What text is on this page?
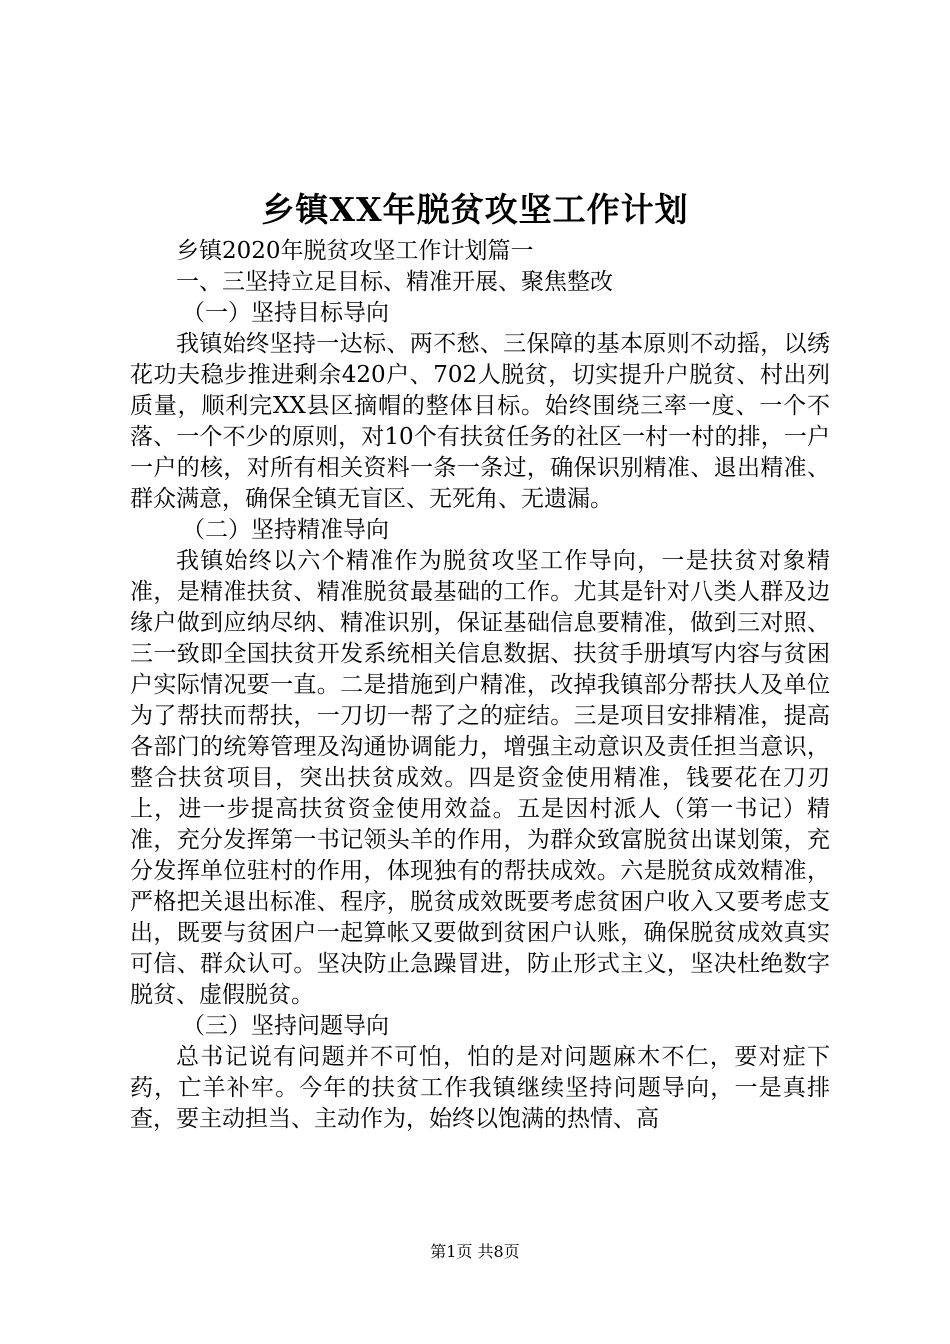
乡镇XX年脱贫攻坚工作计划

乡镇2020年脱贫攻坚工作计划篇一

一、三坚持立足目标、精准开展、聚焦整改

（一）坚持目标导向

我镇始终坚持一达标、两不愁、三保障的基本原则不动摇，以绣花功夫稳步推进剩余420户、702人脱贫，切实提升户脱贫、村出列质量，顺利完XX县区摘帽的整体目标。始终围绕三率一度、一个不落、一个不少的原则，对10个有扶贫任务的社区一村一村的排，一户一户的核，对所有相关资料一条一条过，确保识别精准、退出精准、群众满意，确保全镇无盲区、无死角、无遗漏。

（二）坚持精准导向

我镇始终以六个精准作为脱贫攻坚工作导向，一是扶贫对象精准，是精准扶贫、精准脱贫最基础的工作。尤其是针对八类人群及边缘户做到应纳尽纳、精准识别，保证基础信息要精准，做到三对照、三一致即全国扶贫开发系统相关信息数据、扶贫手册填写内容与贫困户实际情况要一直。二是措施到户精准，改掉我镇部分帮扶人及单位为了帮扶而帮扶，一刀切一帮了之的症结。三是项目安排精准，提高各部门的统筹管理及沟通协调能力，增强主动意识及责任担当意识，整合扶贫项目，突出扶贫成效。四是资金使用精准，钱要花在刀刃上，进一步提高扶贫资金使用效益。五是因村派人（第一书记）精准，充分发挥第一书记领头羊的作用，为群众致富脱贫出谋划策，充分发挥单位驻村的作用，体现独有的帮扶成效。六是脱贫成效精准，严格把关退出标准、程序，脱贫成效既要考虑贫困户收入又要考虑支出，既要与贫困户一起算帐又要做到贫困户认账，确保脱贫成效真实可信、群众认可。坚决防止急躁冒进，防止形式主义，坚决杜绝数字脱贫、虚假脱贫。

（三）坚持问题导向

总书记说有问题并不可怕，怕的是对问题麻木不仁，要对症下药，亡羊补牢。今年的扶贫工作我镇继续坚持问题导向，一是真排查，要主动担当、主动作为，始终以饱满的热情、高

第1页 共8页
